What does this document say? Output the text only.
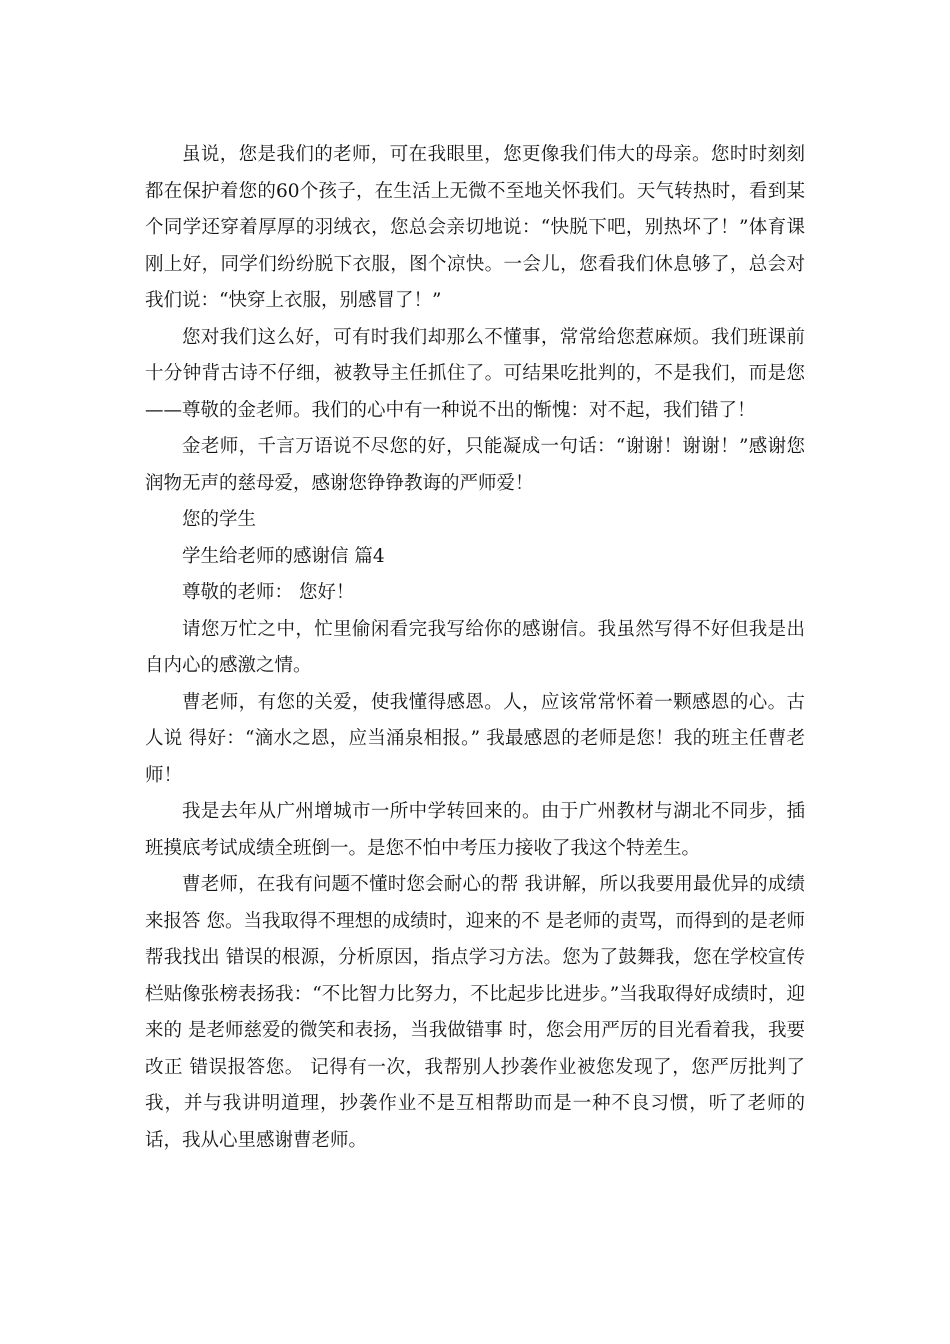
虽说，您是我们的老师，可在我眼里，您更像我们伟大的母亲。您时时刻刻都在保护着您的60个孩子，在生活上无微不至地关怀我们。天气转热时，看到某个同学还穿着厚厚的羽绒衣，您总会亲切地说：“快脱下吧，别热坏了！”体育课刚上好，同学们纷纷脱下衣服，图个凉快。一会儿，您看我们休息够了，总会对我们说：“快穿上衣服，别感冒了！”

您对我们这么好，可有时我们却那么不懂事，常常给您惹麻烦。我们班课前十分钟背古诗不仔细，被教导主任抓住了。可结果吃批判的，不是我们，而是您——尊敬的金老师。我们的心中有一种说不出的惭愧：对不起，我们错了！

金老师，千言万语说不尽您的好，只能凝成一句话：“谢谢！谢谢！”感谢您润物无声的慈母爱，感谢您铮铮教诲的严师爱！

您的学生

学生给老师的感谢信 篇4

尊敬的老师： 您好！

请您万忙之中，忙里偷闲看完我写给你的感谢信。我虽然写得不好但我是出自内心的感激之情。

曹老师，有您的关爱，使我懂得感恩。人，应该常常怀着一颗感恩的心。古人说 得好：“滴水之恩，应当涌泉相报。” 我最感恩的老师是您！我的班主任曹老师！

我是去年从广州增城市一所中学转回来的。由于广州教材与湖北不同步，插班摸底考试成绩全班倒一。是您不怕中考压力接收了我这个特差生。

曹老师，在我有问题不懂时您会耐心的帮 我讲解，所以我要用最优异的成绩来报答 您。当我取得不理想的成绩时，迎来的不 是老师的责骂，而得到的是老师帮我找出 错误的根源，分析原因，指点学习方法。您为了鼓舞我，您在学校宣传栏贴像张榜表扬我：“不比智力比努力，不比起步比进步。”当我取得好成绩时，迎来的 是老师慈爱的微笑和表扬，当我做错事 时，您会用严厉的目光看着我，我要改正 错误报答您。 记得有一次，我帮别人抄袭作业被您发现了，您严厉批判了我，并与我讲明道理，抄袭作业不是互相帮助而是一种不良习惯，听了老师的话，我从心里感谢曹老师。
